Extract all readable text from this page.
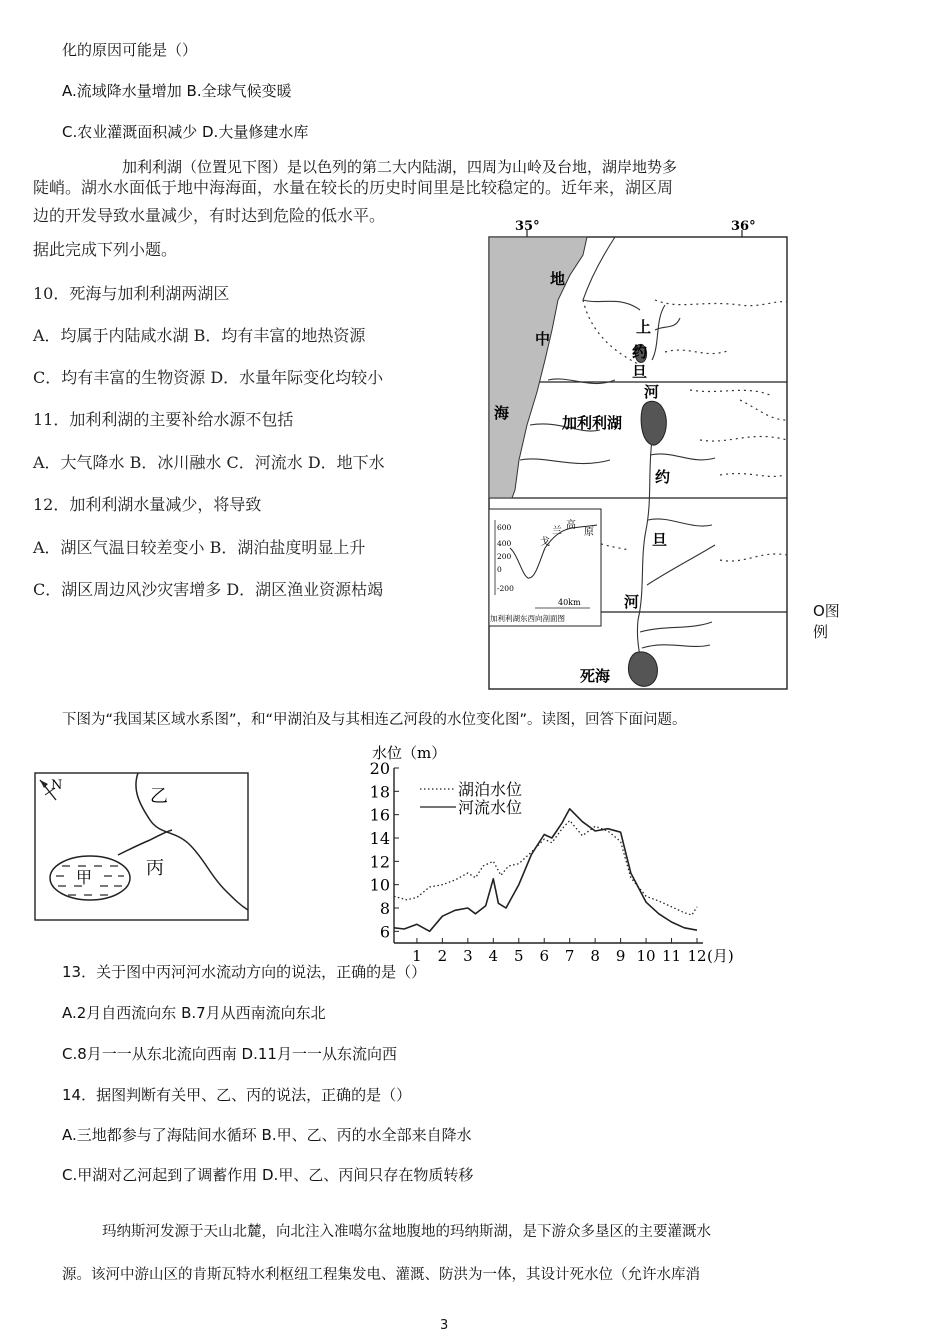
化的原因可能是（）
A.流域降水量增加 B.全球气候变暖
C.农业灌溉面积减少 D.大量修建水库
加利利湖（位置见下图）是以色列的第二大内陆湖，四周为山岭及台地，湖岸地势多
陡峭。湖水水面低于地中海海面，水量在较长的历史时间里是比较稳定的。近年来，湖区周
边的开发导致水量减少，有时达到危险的低水平。
据此完成下列小题。
10．死海与加利利湖两湖区
A．均属于内陆咸水湖 B．均有丰富的地热资源
C．均有丰富的生物资源 D．水量年际变化均较小
11．加利利湖的主要补给水源不包括
A．大气降水 B．冰川融水 C．河流水 D．地下水
12．加利利湖水量减少，将导致
A．湖区气温日较差变小 B．湖泊盐度明显上升
C．湖区周边风沙灾害增多 D．湖区渔业资源枯竭
35°	36°
地
中
海
上
约
旦
河
加利利湖
约
旦
河
死海
600
400
200
0
-200
戈
兰
高
原
40km
加利利湖东西向剖面图	O图
例
下图为“我国某区域水系图”，和“甲湖泊及与其相连乙河段的水位变化图”。读图，回答下面问题。
N
乙
甲	丙
水位（m）
6
8
10
12
14
16
18
20
1 2 3 4 5 6 7 8 9 10 11 12 (月)
湖泊水位
河流水位
13．关于图中丙河河水流动方向的说法，正确的是（）
A.2月自西流向东 B.7月从西南流向东北
C.8月一一从东北流向西南 D.11月一一从东流向西
14．据图判断有关甲、乙、丙的说法，正确的是（）
A.三地都参与了海陆间水循环 B.甲、乙、丙的水全部来自降水
C.甲湖对乙河起到了调蓄作用 D.甲、乙、丙间只存在物质转移
玛纳斯河发源于天山北麓，向北注入准噶尔盆地腹地的玛纳斯湖，是下游众多垦区的主要灌溉水
源。该河中游山区的肯斯瓦特水利枢纽工程集发电、灌溉、防洪为一体，其设计死水位（允许水库消
3
